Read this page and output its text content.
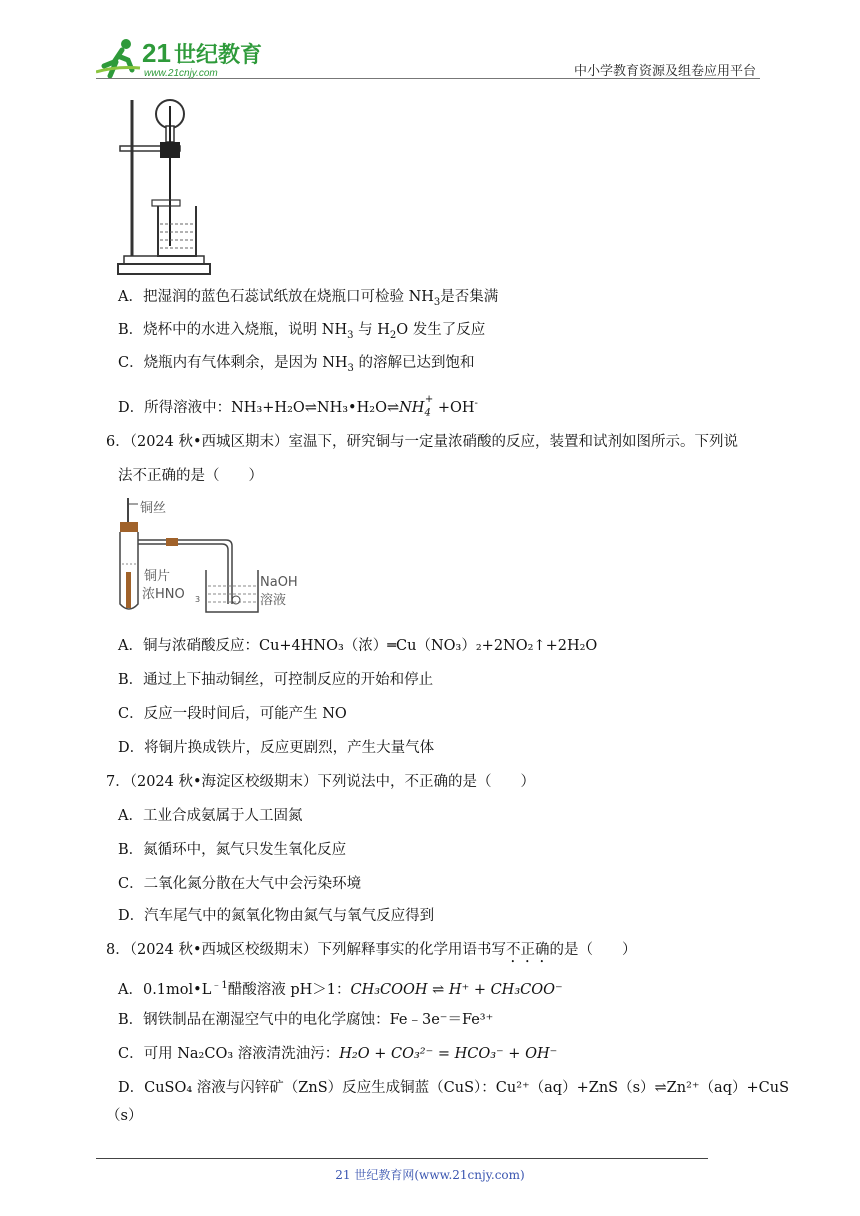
21 世纪教育
www.21cnjy.com	中小学教育资源及组卷应用平台
A．把湿润的蓝色石蕊试纸放在烧瓶口可检验 $NH_3$是否集满
B．烧杯中的水进入烧瓶，说明 $NH_3$ 与 $H_2O$ 发生了反应
C．烧瓶内有气体剩余，是因为 $NH_3$ 的溶解已达到饱和
D．所得溶液中：$NH_3+H_2O\rightleftharpoons NH_3•H_2O\rightleftharpoons NH_4^+ +OH^-$
6．（2024 秋•西城区期末）室温下，研究铜与一定量浓硝酸的反应，装置和试剂如图所示。下列说
法不正确的是（　　）
铜丝
铜片
浓HNO 3
NaOH
溶液
A．铜与浓硝酸反应：Cu+4HNO₃（浓）═Cu（NO₃）₂+2NO₂↑+2H₂O
B．通过上下抽动铜丝，可控制反应的开始和停止
C．反应一段时间后，可能产生 NO
D．将铜片换成铁片，反应更剧烈，产生大量气体
7．（2024 秋•海淀区校级期末）下列说法中，不正确的是（　　）
A．工业合成氨属于人工固氮
B．氮循环中，氮气只发生氧化反应
C．二氧化氮分散在大气中会污染环境
D．汽车尾气中的氮氧化物由氮气与氧气反应得到
8．（2024 秋•西城区校级期末）下列解释事实的化学用语书写不正确的是（　　）
A．$0.1mol•L^{﹣1}$醋酸溶液 pH＞1：CH₃COOH ⇌ H⁺ + CH₃COO⁻
B．钢铁制品在潮湿空气中的电化学腐蚀：Fe﹣3e⁻＝Fe³⁺
C．可用 Na₂CO₃ 溶液清洗油污：H₂O + CO₃²⁻ = HCO₃⁻ + OH⁻
D．CuSO₄ 溶液与闪锌矿（ZnS）反应生成铜蓝（CuS）：Cu²⁺（aq）+ZnS（s）⇌Zn²⁺（aq）+CuS
（s）
21 世纪教育网(www.21cnjy.com)
